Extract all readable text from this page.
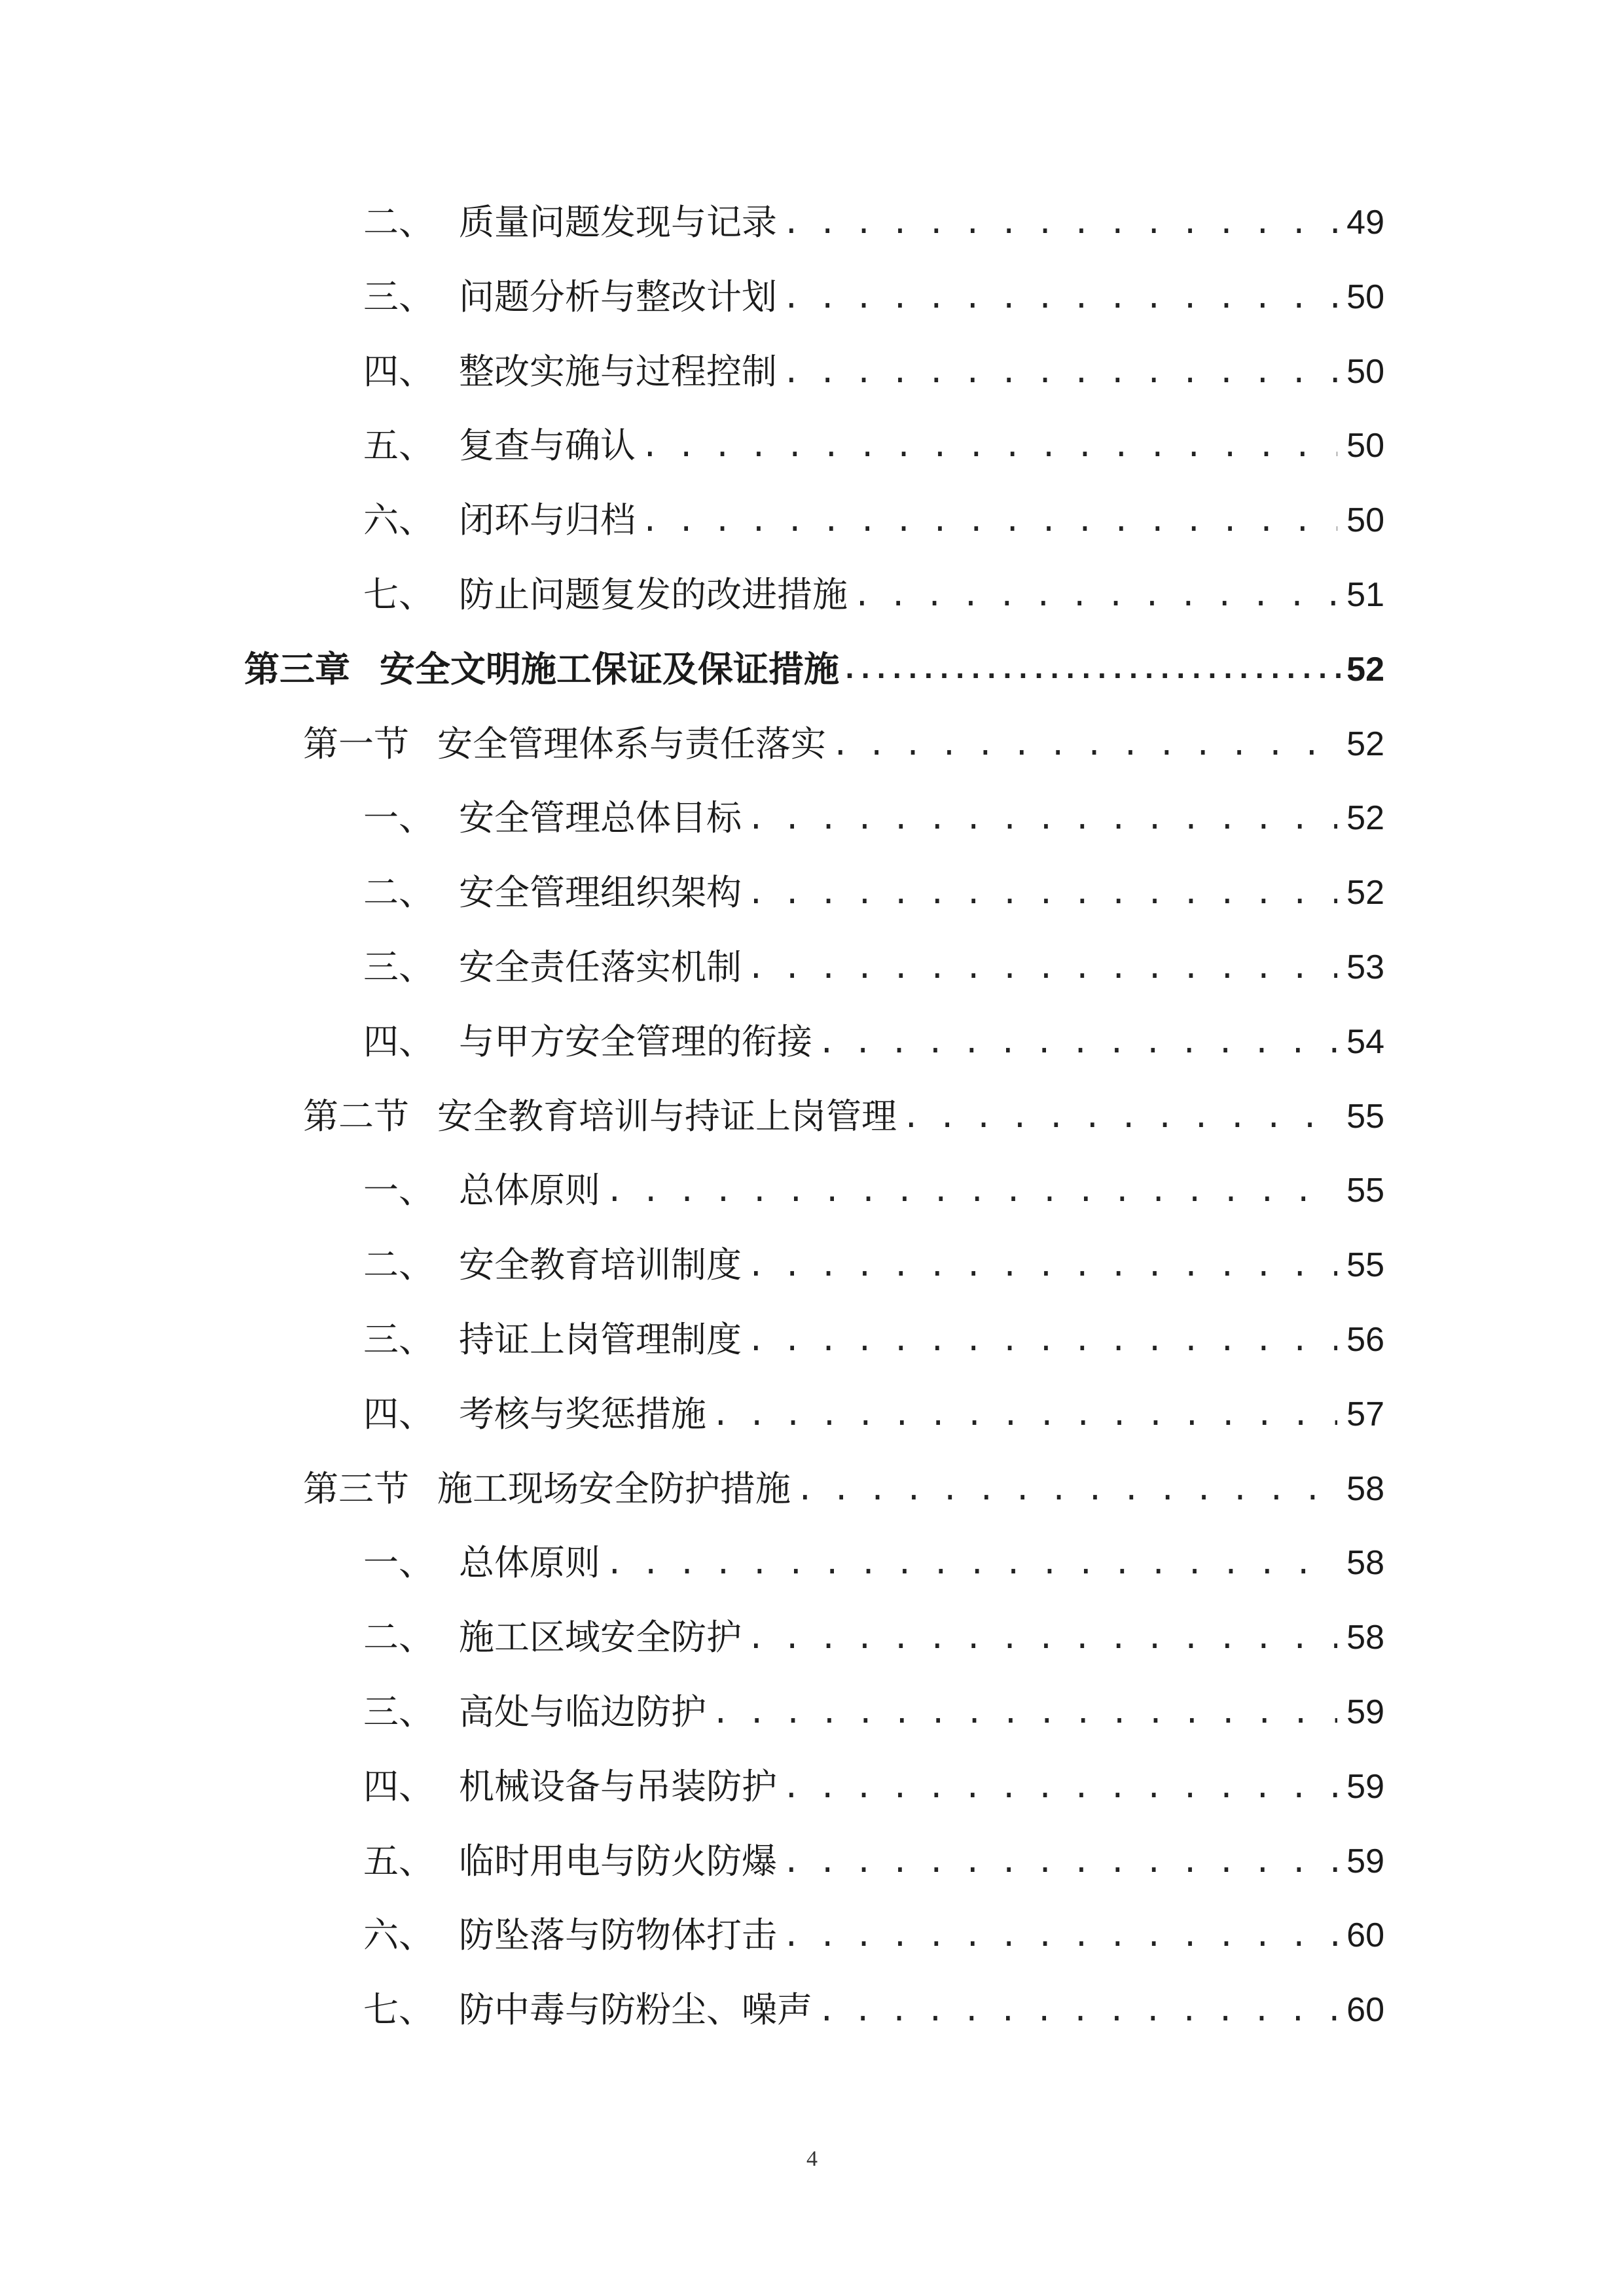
二、 质量问题发现与记录 . . .	49
三、 问题分析与整改计划 . . .	50
四、 整改实施与过程控制 . . .	50
五、 复查与确认 . . .	50
六、 闭环与归档 . . .	50
七、 防止问题复发的改进措施 . . .	51
第三章 安全文明施工保证及保证措施 .....	52
第一节 安全管理体系与责任落实 . . .	52
一、 安全管理总体目标 . . .	52
二、 安全管理组织架构 . . .	52
三、 安全责任落实机制 . . .	53
四、 与甲方安全管理的衔接 . . .	54
第二节 安全教育培训与持证上岗管理 . . .	55
一、 总体原则 . . .	55
二、 安全教育培训制度 . . .	55
三、 持证上岗管理制度 . . .	56
四、 考核与奖惩措施 . . .	57
第三节 施工现场安全防护措施 . . .	58
一、 总体原则 . . .	58
二、 施工区域安全防护 . . .	58
三、 高处与临边防护 . . .	59
四、 机械设备与吊装防护 . . .	59
五、 临时用电与防火防爆 . . .	59
六、 防坠落与防物体打击 . . .	60
七、 防中毒与防粉尘、噪声 . . .	60
4
